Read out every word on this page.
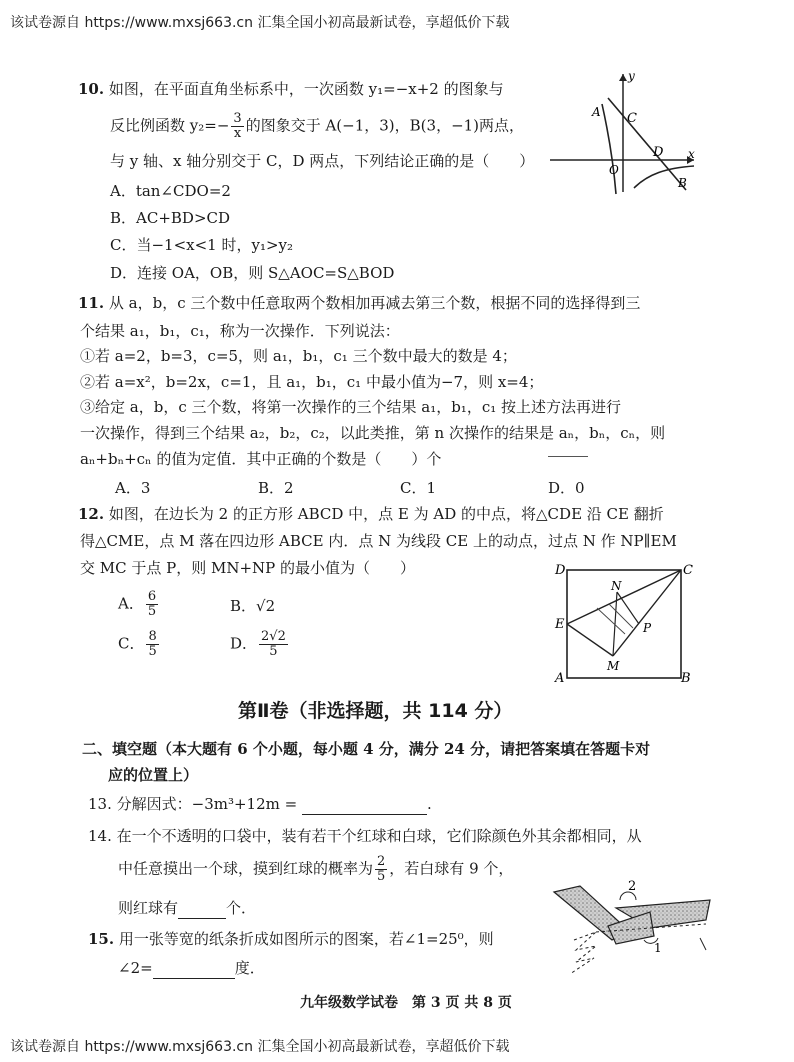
该试卷源自 https://www.mxsj663.cn 汇集全国小初高最新试卷，享超低价下载
10. 如图，在平面直角坐标系中，一次函数 y₁=−x+2 的图象与
反比例函数 $y_2=- \frac{3}{x}$ 的图象交于 A(−1，3)，B(3，−1)两点，
与 y 轴、x 轴分别交于 C，D 两点，下列结论正确的是（　　）
A．tan∠CDO=2
B．AC+BD>CD
C．当−1<x<1 时，y₁>y₂
D．连接 OA，OB，则 S△AOC=S△BOD
y
x
A C
D
O
B
11. 从 a，b，c 三个数中任意取两个数相加再减去第三个数，根据不同的选择得到三
个结果 a₁，b₁，c₁，称为一次操作．下列说法：
①若 a=2，b=3，c=5，则 a₁，b₁，c₁ 三个数中最大的数是 4；
②若 a=x²，b=2x，c=1，且 a₁，b₁，c₁ 中最小值为−7，则 x=4；
③给定 a，b，c 三个数，将第一次操作的三个结果 a₁，b₁，c₁ 按上述方法再进行
一次操作，得到三个结果 a₂，b₂，c₂，以此类推，第 n 次操作的结果是 aₙ，bₙ，cₙ，则
aₙ+bₙ+cₙ 的值为定值．其中正确的个数是（　　）个
A．3	B．2	C．1	D．0
12. 如图，在边长为 2 的正方形 ABCD 中，点 E 为 AD 的中点，将△CDE 沿 CE 翻折
得△CME，点 M 落在四边形 ABCE 内．点 N 为线段 CE 上的动点，过点 N 作 NP∥EM
交 MC 于点 P，则 MN+NP 的最小值为（　　）
A． $\frac{6}{5}$	B．√2
C． $\frac{8}{5}$	D． $\frac{2√2}{5}$
D	C
N
E	P
M
A	B
第Ⅱ卷（非选择题，共 114 分）
二、填空题（本大题有 6 个小题，每小题 4 分，满分 24 分，请把答案填在答题卡对
应的位置上）
13. 分解因式：−3m³+12m =	.
14. 在一个不透明的口袋中，装有若干个红球和白球，它们除颜色外其余都相同，从
中任意摸出一个球，摸到红球的概率为 $\frac{2}{5}$ ，若白球有 9 个，
则红球有	个．
15. 用一张等宽的纸条折成如图所示的图案，若∠1=25⁰，则
∠2=	度．
2
1
九年级数学试卷　第 3 页 共 8 页
该试卷源自 https://www.mxsj663.cn 汇集全国小初高最新试卷，享超低价下载
